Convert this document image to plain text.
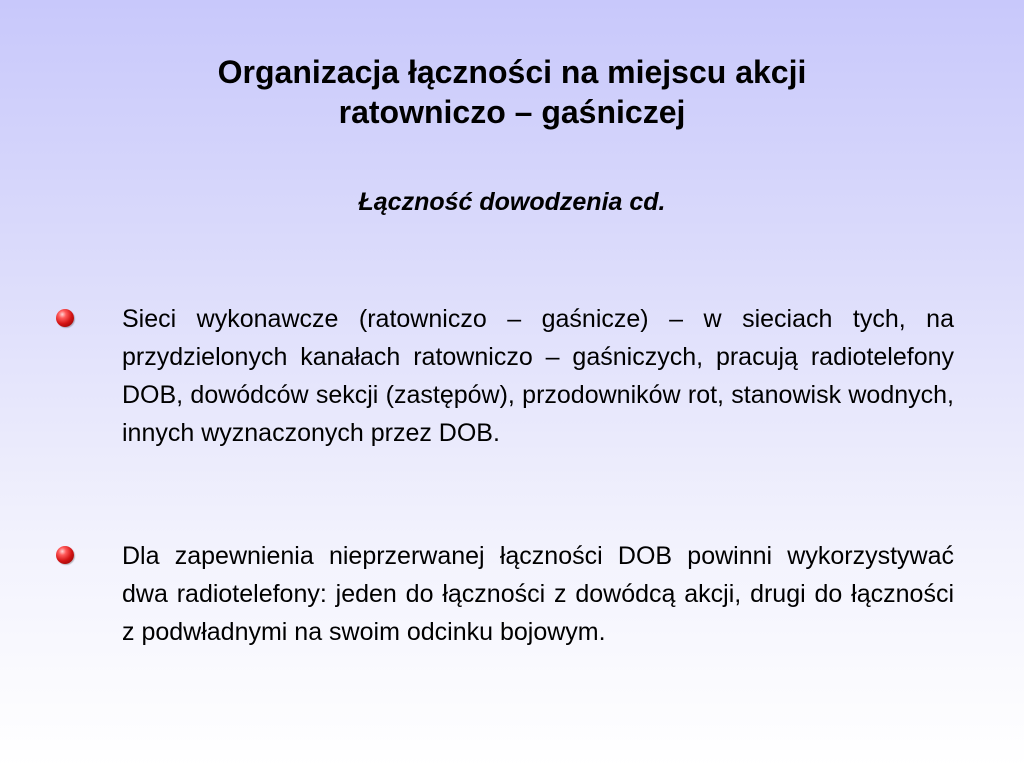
Organizacja łączności na miejscu akcji
ratowniczo – gaśniczej
Łączność dowodzenia cd.
Sieci wykonawcze (ratowniczo – gaśnicze) – w sieciach tych, na przydzielonych kanałach ratowniczo – gaśniczych, pracują radiotelefony DOB, dowódców sekcji (zastępów), przodowników rot, stanowisk wodnych, innych wyznaczonych przez DOB.
Dla zapewnienia nieprzerwanej łączności DOB powinni wykorzystywać dwa radiotelefony: jeden do łączności z dowódcą akcji, drugi do łączności z podwładnymi na swoim odcinku bojowym.
